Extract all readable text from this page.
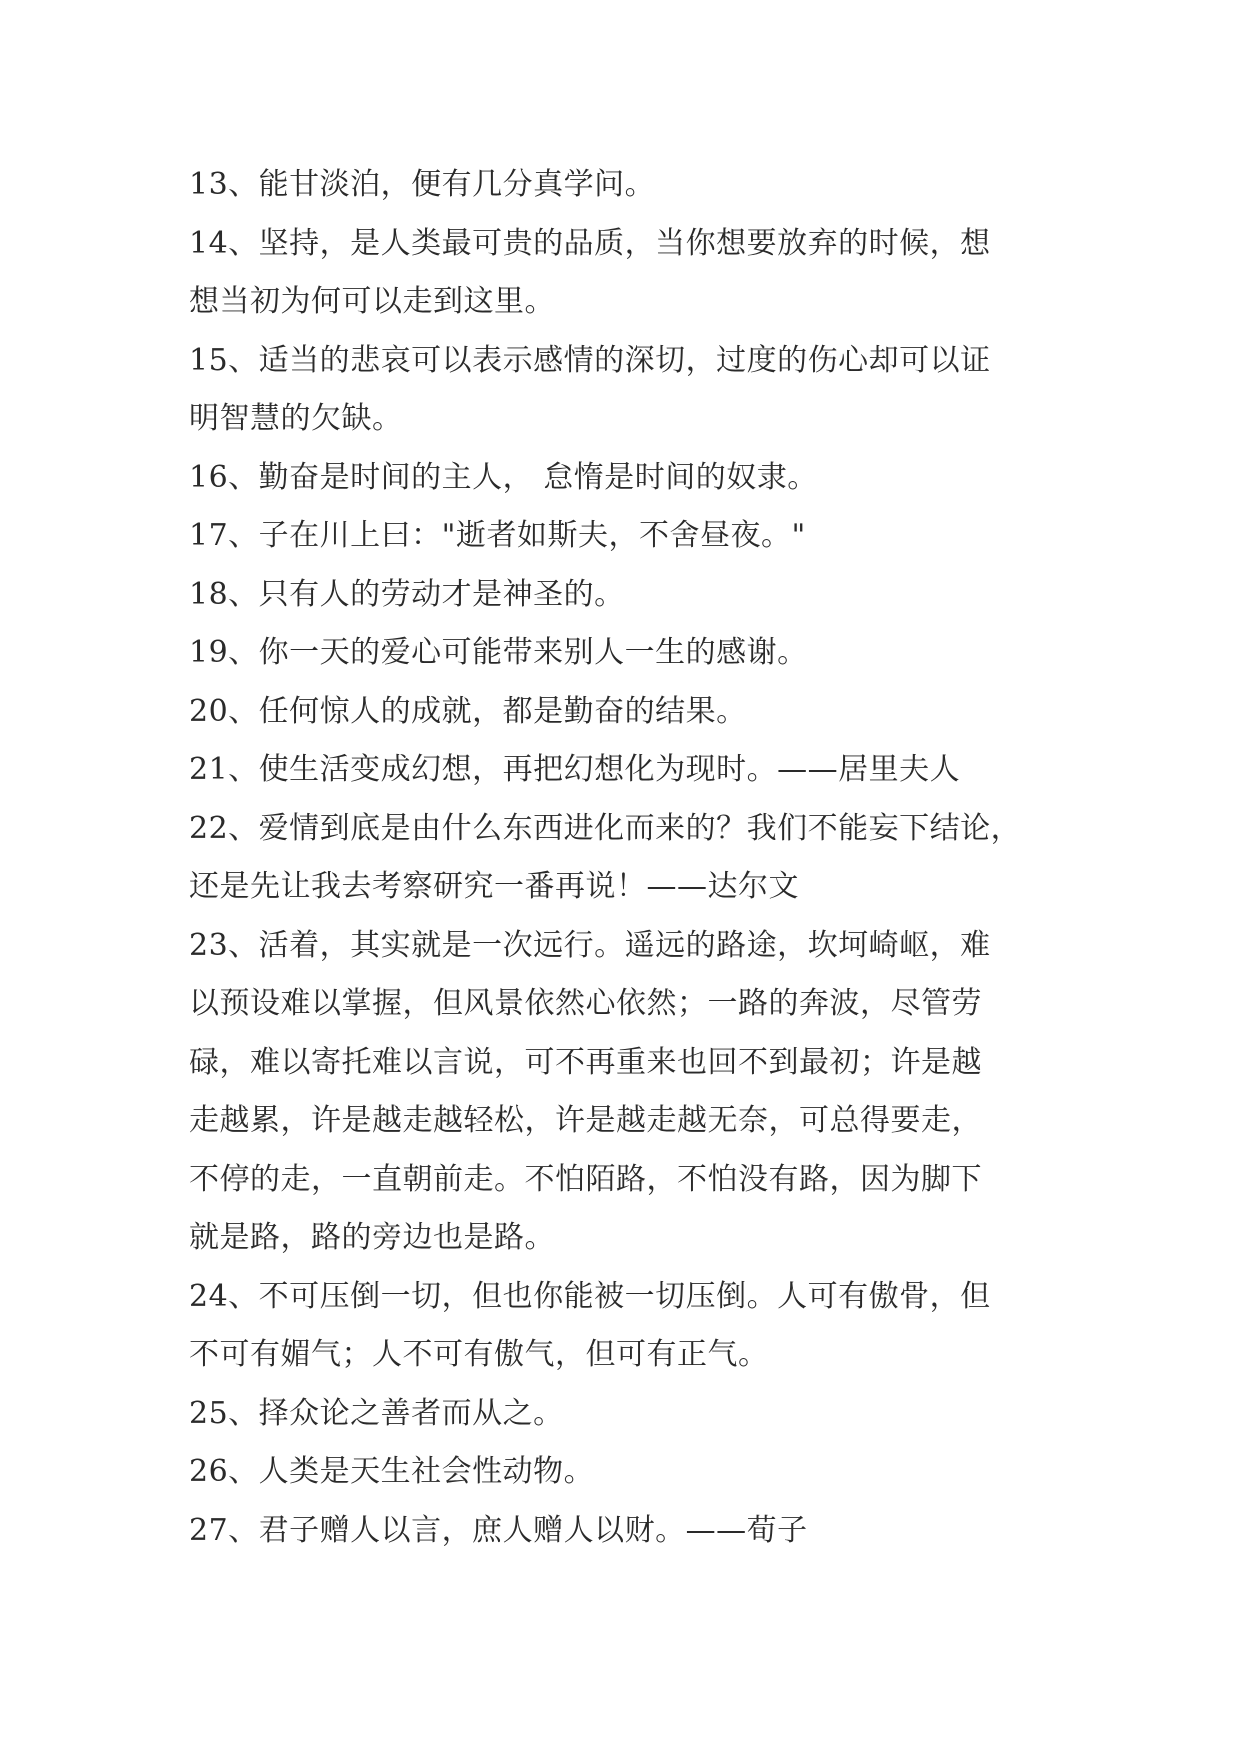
13、能甘淡泊，便有几分真学问。
14、坚持，是人类最可贵的品质，当你想要放弃的时候，想
想当初为何可以走到这里。
15、适当的悲哀可以表示感情的深切，过度的伤心却可以证
明智慧的欠缺。
16、勤奋是时间的主人， 怠惰是时间的奴隶。
17、子在川上曰："逝者如斯夫，不舍昼夜。"
18、只有人的劳动才是神圣的。
19、你一天的爱心可能带来别人一生的感谢。
20、任何惊人的成就，都是勤奋的结果。
21、使生活变成幻想，再把幻想化为现时。——居里夫人
22、爱情到底是由什么东西进化而来的？我们不能妄下结论，
还是先让我去考察研究一番再说！——达尔文
23、活着，其实就是一次远行。遥远的路途，坎坷崎岖，难
以预设难以掌握，但风景依然心依然；一路的奔波，尽管劳
碌，难以寄托难以言说，可不再重来也回不到最初；许是越
走越累，许是越走越轻松，许是越走越无奈，可总得要走，
不停的走，一直朝前走。不怕陌路，不怕没有路，因为脚下
就是路，路的旁边也是路。
24、不可压倒一切，但也你能被一切压倒。人可有傲骨，但
不可有媚气；人不可有傲气，但可有正气。
25、择众论之善者而从之。
26、人类是天生社会性动物。
27、君子赠人以言，庶人赠人以财。——荀子
